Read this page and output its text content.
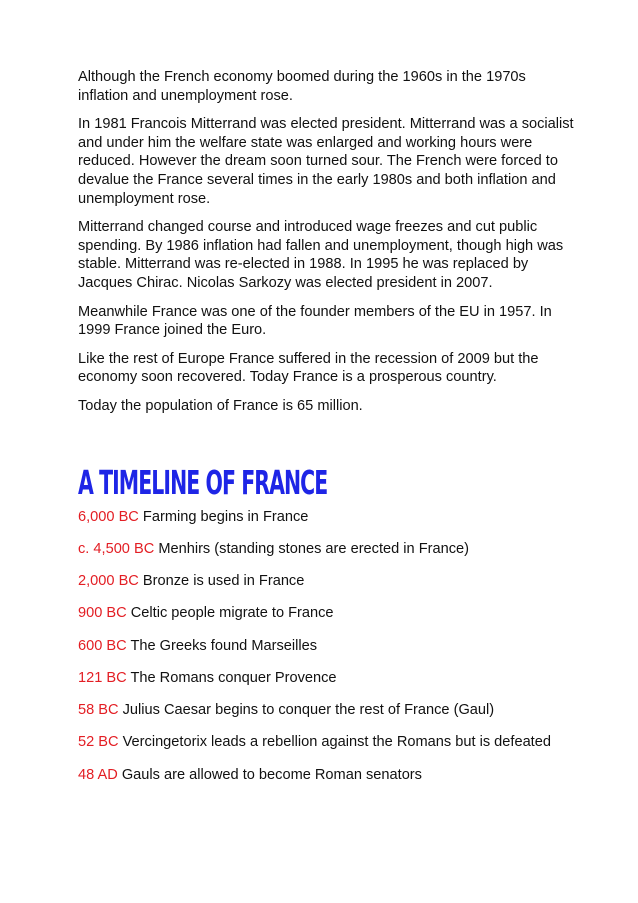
Although the French economy boomed during the 1960s in the 1970s inflation and unemployment rose.

In 1981 Francois Mitterrand was elected president. Mitterrand was a socialist and under him the welfare state was enlarged and working hours were reduced. However the dream soon turned sour. The French were forced to devalue the France several times in the early 1980s and both inflation and unemployment rose.

Mitterrand changed course and introduced wage freezes and cut public spending. By 1986 inflation had fallen and unemployment, though high was stable. Mitterrand was re-elected in 1988. In 1995 he was replaced by Jacques Chirac. Nicolas Sarkozy was elected president in 2007.

Meanwhile France was one of the founder members of the EU in 1957. In 1999 France joined the Euro.

Like the rest of Europe France suffered in the recession of 2009 but the economy soon recovered. Today France is a prosperous country.

Today the population of France is 65 million.

A TIMELINE OF FRANCE
6,000 BC Farming begins in France
c. 4,500 BC Menhirs (standing stones are erected in France)
2,000 BC Bronze is used in France
900 BC Celtic people migrate to France
600 BC The Greeks found Marseilles
121 BC The Romans conquer Provence
58 BC Julius Caesar begins to conquer the rest of France (Gaul)
52 BC Vercingetorix leads a rebellion against the Romans but is defeated
48 AD Gauls are allowed to become Roman senators
